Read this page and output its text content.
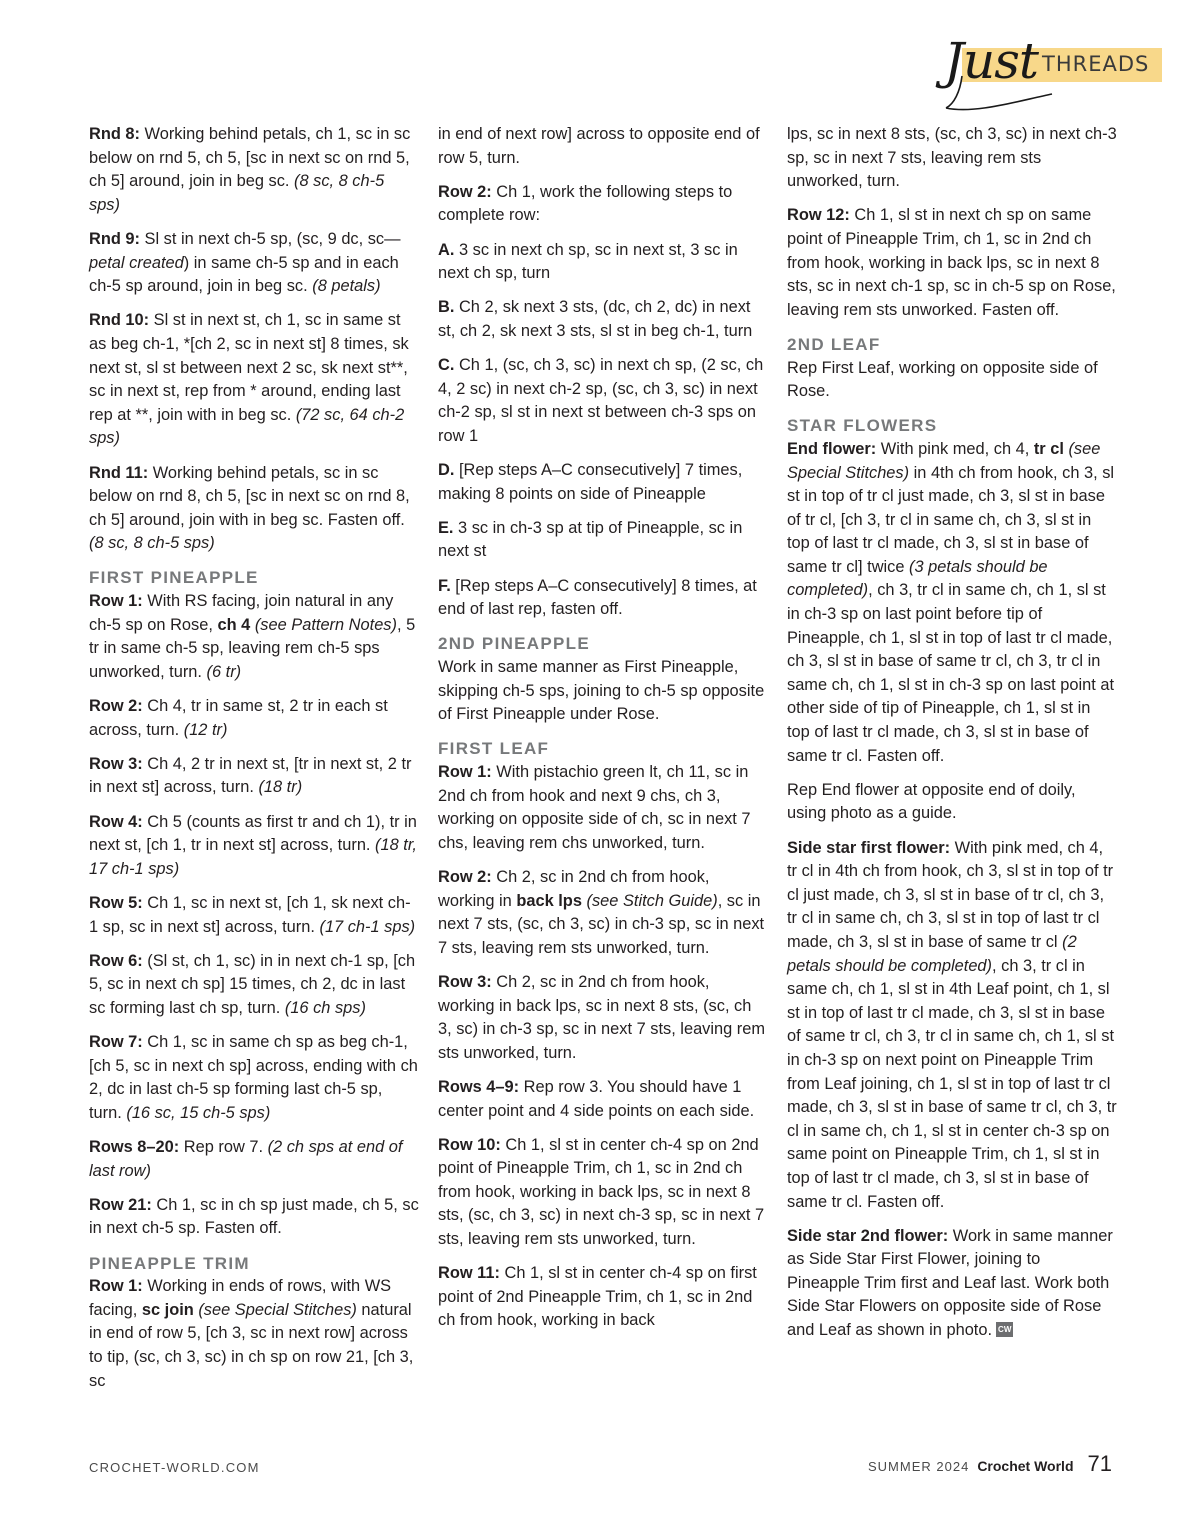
Just THREADS

Rnd 8: Working behind petals, ch 1, sc in sc below on rnd 5, ch 5, [sc in next sc on rnd 5, ch 5] around, join in beg sc. (8 sc, 8 ch-5 sps)

Rnd 9: Sl st in next ch-5 sp, (sc, 9 dc, sc—petal created) in same ch-5 sp and in each ch-5 sp around, join in beg sc. (8 petals)

Rnd 10: Sl st in next st, ch 1, sc in same st as beg ch-1, *[ch 2, sc in next st] 8 times, sk next st, sl st between next 2 sc, sk next st**, sc in next st, rep from * around, ending last rep at **, join with in beg sc. (72 sc, 64 ch-2 sps)

Rnd 11: Working behind petals, sc in sc below on rnd 8, ch 5, [sc in next sc on rnd 8, ch 5] around, join with in beg sc. Fasten off. (8 sc, 8 ch-5 sps)

FIRST PINEAPPLE

Row 1: With RS facing, join natural in any ch-5 sp on Rose, ch 4 (see Pattern Notes), 5 tr in same ch-5 sp, leaving rem ch-5 sps unworked, turn. (6 tr)

Row 2: Ch 4, tr in same st, 2 tr in each st across, turn. (12 tr)

Row 3: Ch 4, 2 tr in next st, [tr in next st, 2 tr in next st] across, turn. (18 tr)

Row 4: Ch 5 (counts as first tr and ch 1), tr in next st, [ch 1, tr in next st] across, turn. (18 tr, 17 ch-1 sps)

Row 5: Ch 1, sc in next st, [ch 1, sk next ch-1 sp, sc in next st] across, turn. (17 ch-1 sps)

Row 6: (Sl st, ch 1, sc) in in next ch-1 sp, [ch 5, sc in next ch sp] 15 times, ch 2, dc in last sc forming last ch sp, turn. (16 ch sps)

Row 7: Ch 1, sc in same ch sp as beg ch-1, [ch 5, sc in next ch sp] across, ending with ch 2, dc in last ch-5 sp forming last ch-5 sp, turn. (16 sc, 15 ch-5 sps)

Rows 8–20: Rep row 7. (2 ch sps at end of last row)

Row 21: Ch 1, sc in ch sp just made, ch 5, sc in next ch-5 sp. Fasten off.

PINEAPPLE TRIM

Row 1: Working in ends of rows, with WS facing, sc join (see Special Stitches) natural in end of row 5, [ch 3, sc in next row] across to tip, (sc, ch 3, sc) in ch sp on row 21, [ch 3, sc

in end of next row] across to opposite end of row 5, turn.

Row 2: Ch 1, work the following steps to complete row:

A. 3 sc in next ch sp, sc in next st, 3 sc in next ch sp, turn

B. Ch 2, sk next 3 sts, (dc, ch 2, dc) in next st, ch 2, sk next 3 sts, sl st in beg ch-1, turn

C. Ch 1, (sc, ch 3, sc) in next ch sp, (2 sc, ch 4, 2 sc) in next ch-2 sp, (sc, ch 3, sc) in next ch-2 sp, sl st in next st between ch-3 sps on row 1

D. [Rep steps A–C consecutively] 7 times, making 8 points on side of Pineapple

E. 3 sc in ch-3 sp at tip of Pineapple, sc in next st

F. [Rep steps A–C consecutively] 8 times, at end of last rep, fasten off.

2ND PINEAPPLE

Work in same manner as First Pineapple, skipping ch-5 sps, joining to ch-5 sp opposite of First Pineapple under Rose.

FIRST LEAF

Row 1: With pistachio green lt, ch 11, sc in 2nd ch from hook and next 9 chs, ch 3, working on opposite side of ch, sc in next 7 chs, leaving rem chs unworked, turn.

Row 2: Ch 2, sc in 2nd ch from hook, working in back lps (see Stitch Guide), sc in next 7 sts, (sc, ch 3, sc) in ch-3 sp, sc in next 7 sts, leaving rem sts unworked, turn.

Row 3: Ch 2, sc in 2nd ch from hook, working in back lps, sc in next 8 sts, (sc, ch 3, sc) in ch-3 sp, sc in next 7 sts, leaving rem sts unworked, turn.

Rows 4–9: Rep row 3. You should have 1 center point and 4 side points on each side.

Row 10: Ch 1, sl st in center ch-4 sp on 2nd point of Pineapple Trim, ch 1, sc in 2nd ch from hook, working in back lps, sc in next 8 sts, (sc, ch 3, sc) in next ch-3 sp, sc in next 7 sts, leaving rem sts unworked, turn.

Row 11: Ch 1, sl st in center ch-4 sp on first point of 2nd Pineapple Trim, ch 1, sc in 2nd ch from hook, working in back

lps, sc in next 8 sts, (sc, ch 3, sc) in next ch-3 sp, sc in next 7 sts, leaving rem sts unworked, turn.

Row 12: Ch 1, sl st in next ch sp on same point of Pineapple Trim, ch 1, sc in 2nd ch from hook, working in back lps, sc in next 8 sts, sc in next ch-1 sp, sc in ch-5 sp on Rose, leaving rem sts unworked. Fasten off.

2ND LEAF

Rep First Leaf, working on opposite side of Rose.

STAR FLOWERS

End flower: With pink med, ch 4, tr cl (see Special Stitches) in 4th ch from hook, ch 3, sl st in top of tr cl just made, ch 3, sl st in base of tr cl, [ch 3, tr cl in same ch, ch 3, sl st in top of last tr cl made, ch 3, sl st in base of same tr cl] twice (3 petals should be completed), ch 3, tr cl in same ch, ch 1, sl st in ch-3 sp on last point before tip of Pineapple, ch 1, sl st in top of last tr cl made, ch 3, sl st in base of same tr cl, ch 3, tr cl in same ch, ch 1, sl st in ch-3 sp on last point at other side of tip of Pineapple, ch 1, sl st in top of last tr cl made, ch 3, sl st in base of same tr cl. Fasten off.

Rep End flower at opposite end of doily, using photo as a guide.

Side star first flower: With pink med, ch 4, tr cl in 4th ch from hook, ch 3, sl st in top of tr cl just made, ch 3, sl st in base of tr cl, ch 3, tr cl in same ch, ch 3, sl st in top of last tr cl made, ch 3, sl st in base of same tr cl (2 petals should be completed), ch 3, tr cl in same ch, ch 1, sl st in 4th Leaf point, ch 1, sl st in top of last tr cl made, ch 3, sl st in base of same tr cl, ch 3, tr cl in same ch, ch 1, sl st in ch-3 sp on next point on Pineapple Trim from Leaf joining, ch 1, sl st in top of last tr cl made, ch 3, sl st in base of same tr cl, ch 3, tr cl in same ch, ch 1, sl st in center ch-3 sp on same point on Pineapple Trim, ch 1, sl st in top of last tr cl made, ch 3, sl st in base of same tr cl. Fasten off.

Side star 2nd flower: Work in same manner as Side Star First Flower, joining to Pineapple Trim first and Leaf last. Work both Side Star Flowers on opposite side of Rose and Leaf as shown in photo. CW

CROCHET-WORLD.COM	SUMMER 2024 Crochet World 71
